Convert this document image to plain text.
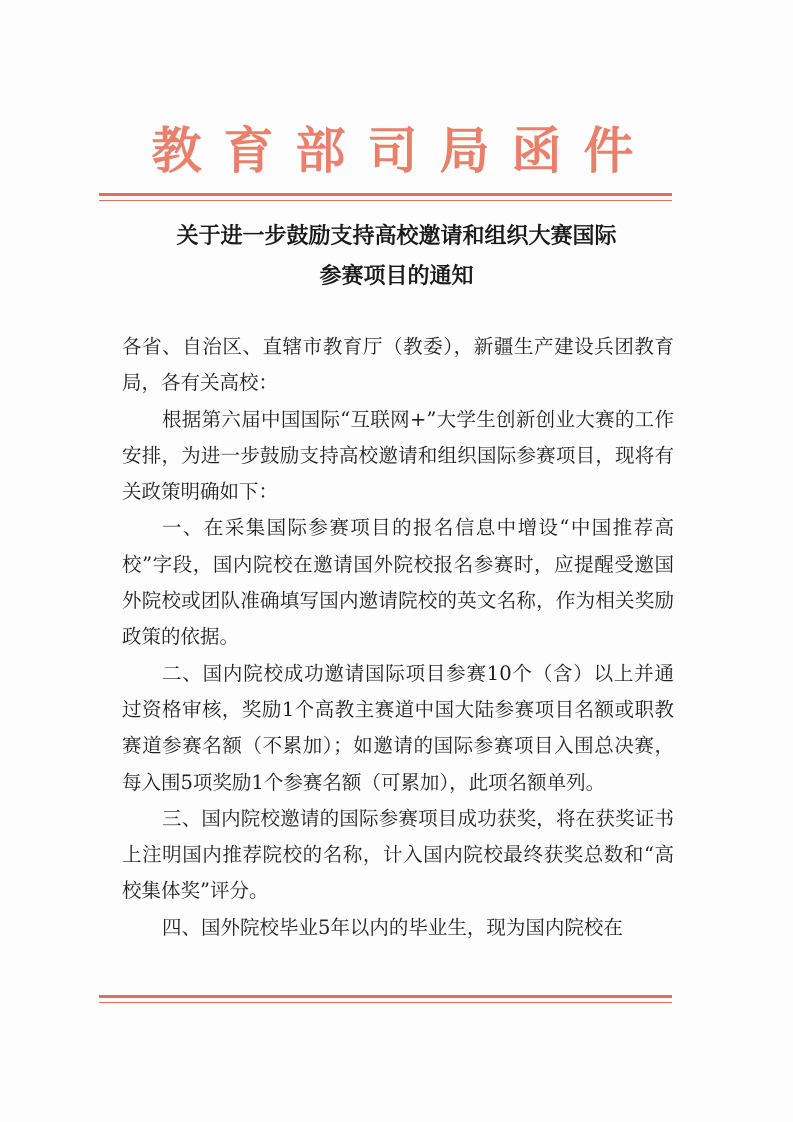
教育部司局函件
关于进一步鼓励支持高校邀请和组织大赛国际
参赛项目的通知

各省、自治区、直辖市教育厅（教委），新疆生产建设兵团教育局，各有关高校：

根据第六届中国国际“互联网+”大学生创新创业大赛的工作安排，为进一步鼓励支持高校邀请和组织国际参赛项目，现将有关政策明确如下：

一、在采集国际参赛项目的报名信息中增设“中国推荐高校”字段，国内院校在邀请国外院校报名参赛时，应提醒受邀国外院校或团队准确填写国内邀请院校的英文名称，作为相关奖励政策的依据。

二、国内院校成功邀请国际项目参赛10个（含）以上并通过资格审核，奖励1个高教主赛道中国大陆参赛项目名额或职教赛道参赛名额（不累加）；如邀请的国际参赛项目入围总决赛，每入围5项奖励1个参赛名额（可累加），此项名额单列。

三、国内院校邀请的国际参赛项目成功获奖，将在获奖证书上注明国内推荐院校的名称，计入国内院校最终获奖总数和“高校集体奖”评分。

四、国外院校毕业5年以内的毕业生，现为国内院校在
